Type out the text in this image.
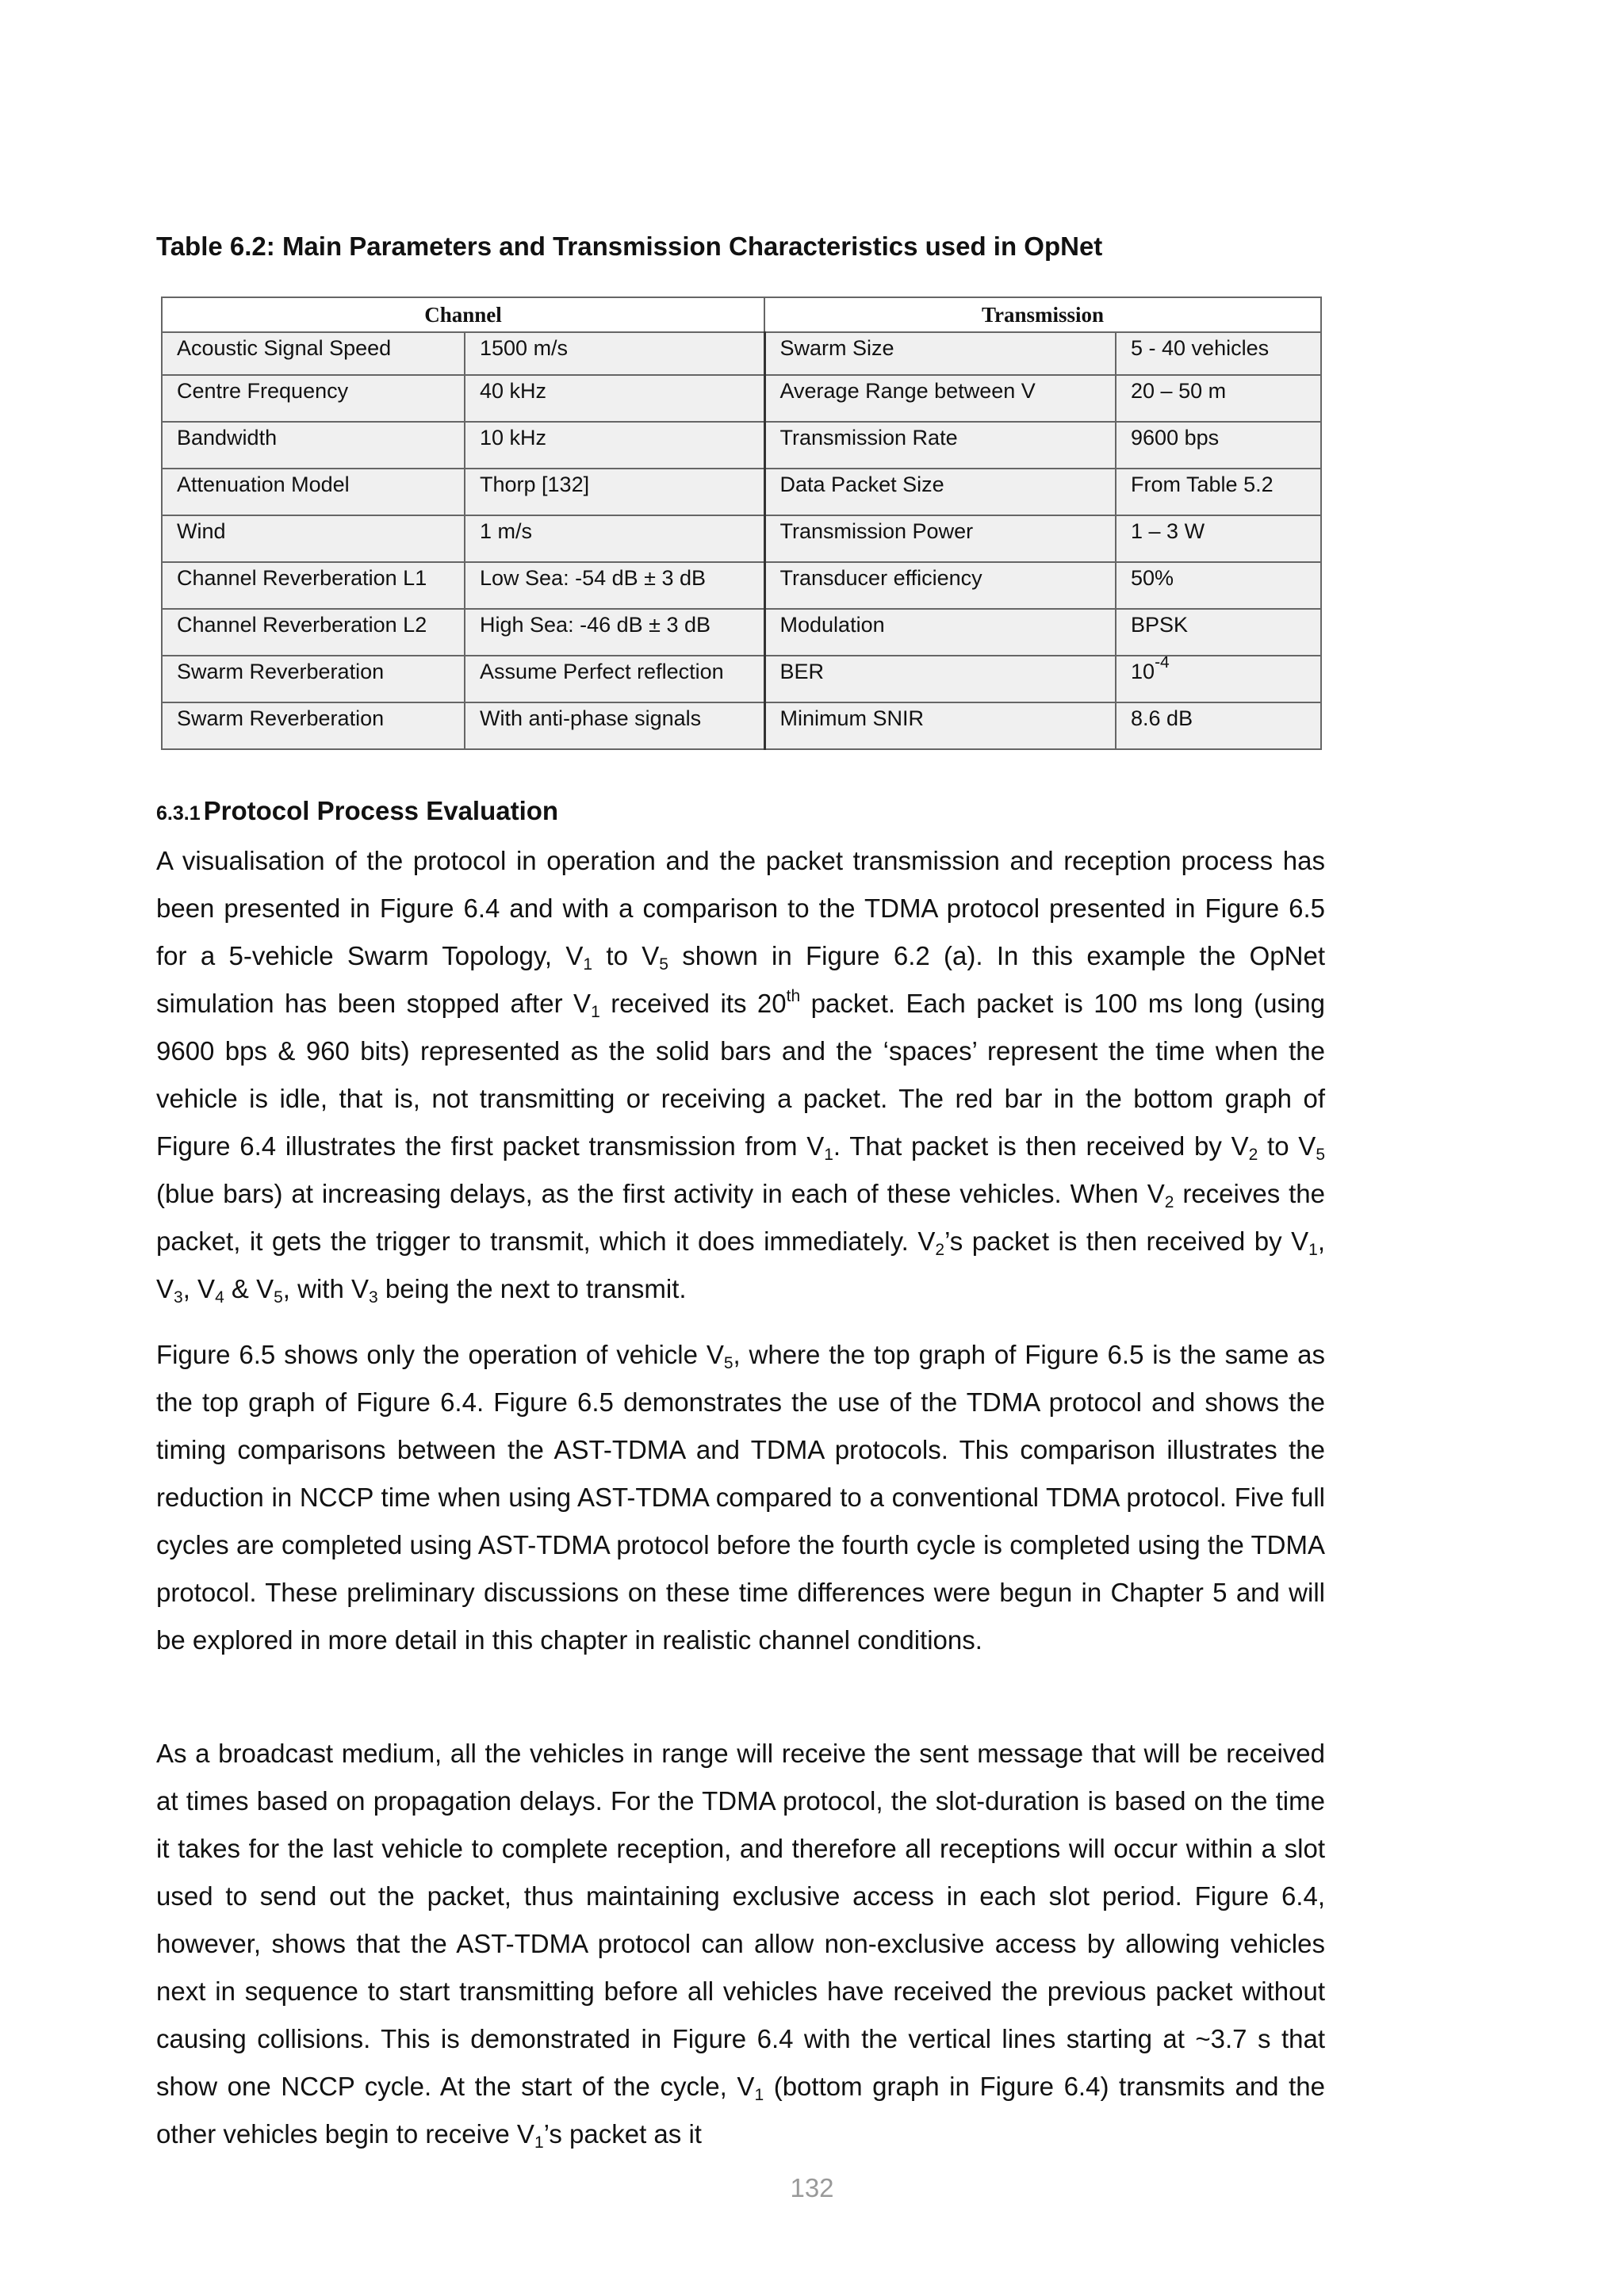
Table 6.2: Main Parameters and Transmission Characteristics used in OpNet
Channel		Transmission	
Acoustic Signal Speed	1500 m/s	Swarm Size	5 - 40 vehicles
Centre Frequency	40 kHz	Average Range between V	20 – 50 m
Bandwidth	10 kHz	Transmission Rate	9600 bps
Attenuation Model	Thorp [132]	Data Packet Size	From Table 5.2
Wind	1 m/s	Transmission Power	1 – 3 W
Channel Reverberation L1	Low Sea: -54 dB ± 3 dB	Transducer efficiency	50%
Channel Reverberation L2	High Sea: -46 dB ± 3 dB	Modulation	BPSK
Swarm Reverberation	Assume Perfect reflection	BER	$10^{-4}$
Swarm Reverberation	With anti-phase signals	Minimum SNIR	8.6 dB
6.3.1 Protocol Process Evaluation

A visualisation of the protocol in operation and the packet transmission and reception process has been presented in Figure 6.4 and with a comparison to the TDMA protocol presented in Figure 6.5 for a 5-vehicle Swarm Topology, $V_1$ to $V_5$ shown in Figure 6.2 (a). In this example the OpNet simulation has been stopped after $V_1$ received its 20th packet. Each packet is 100 ms long (using 9600 bps & 960 bits) represented as the solid bars and the ‘spaces’ represent the time when the vehicle is idle, that is, not transmitting or receiving a packet. The red bar in the bottom graph of Figure 6.4 illustrates the first packet transmission from $V_1$. That packet is then received by $V_2$ to $V_5$ (blue bars) at increasing delays, as the first activity in each of these vehicles. When $V_2$ receives the packet, it gets the trigger to transmit, which it does immediately. $V_2’s$ packet is then received by $V_1$, $V_3$, $V_4$ & $V_5$, with $V_3$ being the next to transmit.

Figure 6.5 shows only the operation of vehicle $V_5$, where the top graph of Figure 6.5 is the same as the top graph of Figure 6.4. Figure 6.5 demonstrates the use of the TDMA protocol and shows the timing comparisons between the AST-TDMA and TDMA protocols. This comparison illustrates the reduction in NCCP time when using AST-TDMA compared to a conventional TDMA protocol. Five full cycles are completed using AST-TDMA protocol before the fourth cycle is completed using the TDMA protocol. These preliminary discussions on these time differences were begun in Chapter 5 and will be explored in more detail in this chapter in realistic channel conditions.

As a broadcast medium, all the vehicles in range will receive the sent message that will be received at times based on propagation delays. For the TDMA protocol, the slot-duration is based on the time it takes for the last vehicle to complete reception, and therefore all receptions will occur within a slot used to send out the packet, thus maintaining exclusive access in each slot period. Figure 6.4, however, shows that the AST-TDMA protocol can allow non-exclusive access by allowing vehicles next in sequence to start transmitting before all vehicles have received the previous packet without causing collisions. This is demonstrated in Figure 6.4 with the vertical lines starting at ~3.7 s that show one NCCP cycle. At the start of the cycle, $V_1$ (bottom graph in Figure 6.4) transmits and the other vehicles begin to receive $V_1’s$ packet as it

132
